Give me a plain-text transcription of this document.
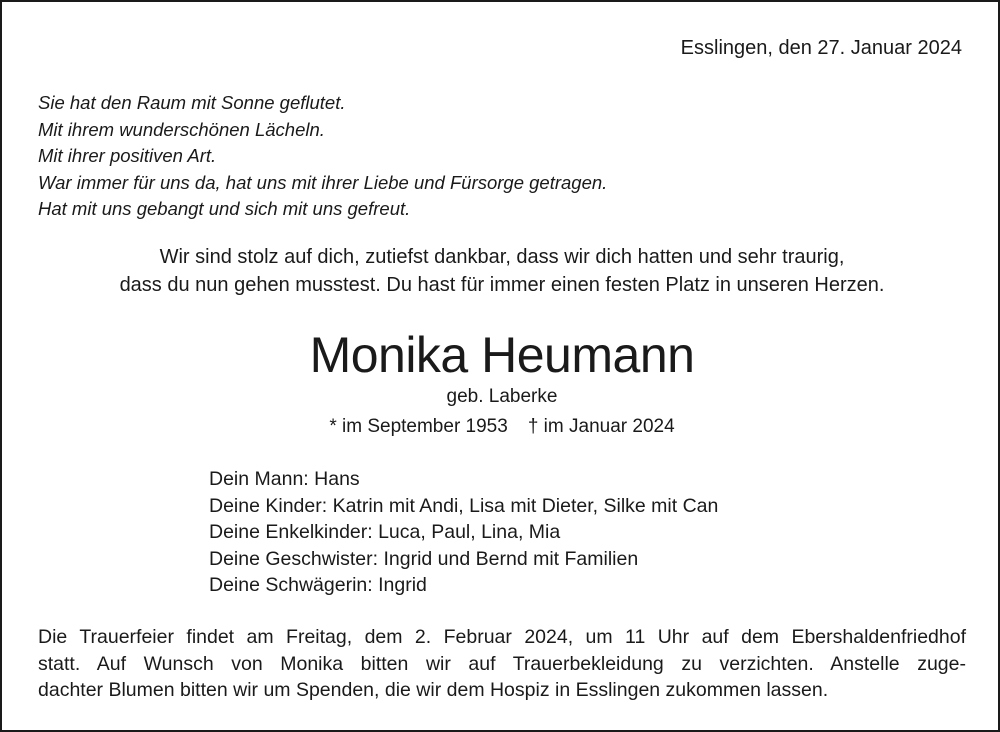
Esslingen, den 27. Januar 2024
Sie hat den Raum mit Sonne geflutet.
Mit ihrem wunderschönen Lächeln.
Mit ihrer positiven Art.
War immer für uns da, hat uns mit ihrer Liebe und Fürsorge getragen.
Hat mit uns gebangt und sich mit uns gefreut.
Wir sind stolz auf dich, zutiefst dankbar, dass wir dich hatten und sehr traurig,
dass du nun gehen musstest. Du hast für immer einen festen Platz in unseren Herzen.
Monika Heumann
geb. Laberke
* im September 1953 † im Januar 2024
Dein Mann: Hans
Deine Kinder: Katrin mit Andi, Lisa mit Dieter, Silke mit Can
Deine Enkelkinder: Luca, Paul, Lina, Mia
Deine Geschwister: Ingrid und Bernd mit Familien
Deine Schwägerin: Ingrid
Die Trauerfeier findet am Freitag, dem 2. Februar 2024, um 11 Uhr auf dem Ebershaldenfriedhof
statt. Auf Wunsch von Monika bitten wir auf Trauerbekleidung zu verzichten. Anstelle zuge-
dachter Blumen bitten wir um Spenden, die wir dem Hospiz in Esslingen zukommen lassen.
